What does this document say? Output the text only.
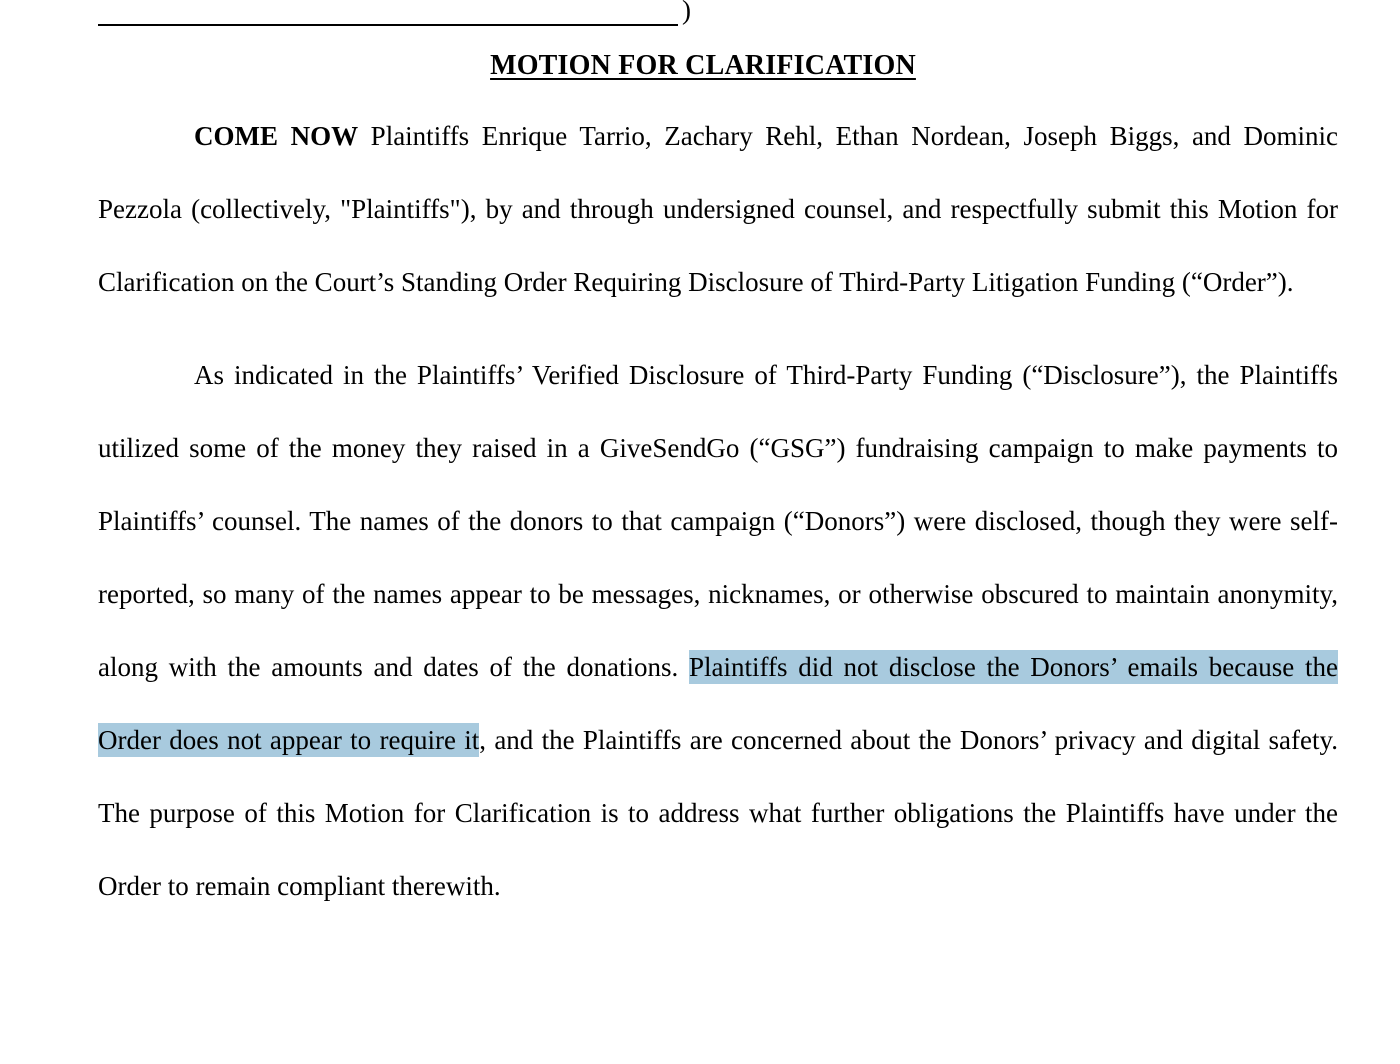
)
MOTION FOR CLARIFICATION

COME NOW Plaintiffs Enrique Tarrio, Zachary Rehl, Ethan Nordean, Joseph Biggs, and Dominic Pezzola (collectively, "Plaintiffs"), by and through undersigned counsel, and respectfully submit this Motion for Clarification on the Court’s Standing Order Requiring Disclosure of Third-Party Litigation Funding (“Order”).

As indicated in the Plaintiffs’ Verified Disclosure of Third-Party Funding (“Disclosure”), the Plaintiffs utilized some of the money they raised in a GiveSendGo (“GSG”) fundraising campaign to make payments to Plaintiffs’ counsel. The names of the donors to that campaign (“Donors”) were disclosed, though they were self-reported, so many of the names appear to be messages, nicknames, or otherwise obscured to maintain anonymity, along with the amounts and dates of the donations. Plaintiffs did not disclose the Donors’ emails because the Order does not appear to require it, and the Plaintiffs are concerned about the Donors’ privacy and digital safety. The purpose of this Motion for Clarification is to address what further obligations the Plaintiffs have under the Order to remain compliant therewith.
